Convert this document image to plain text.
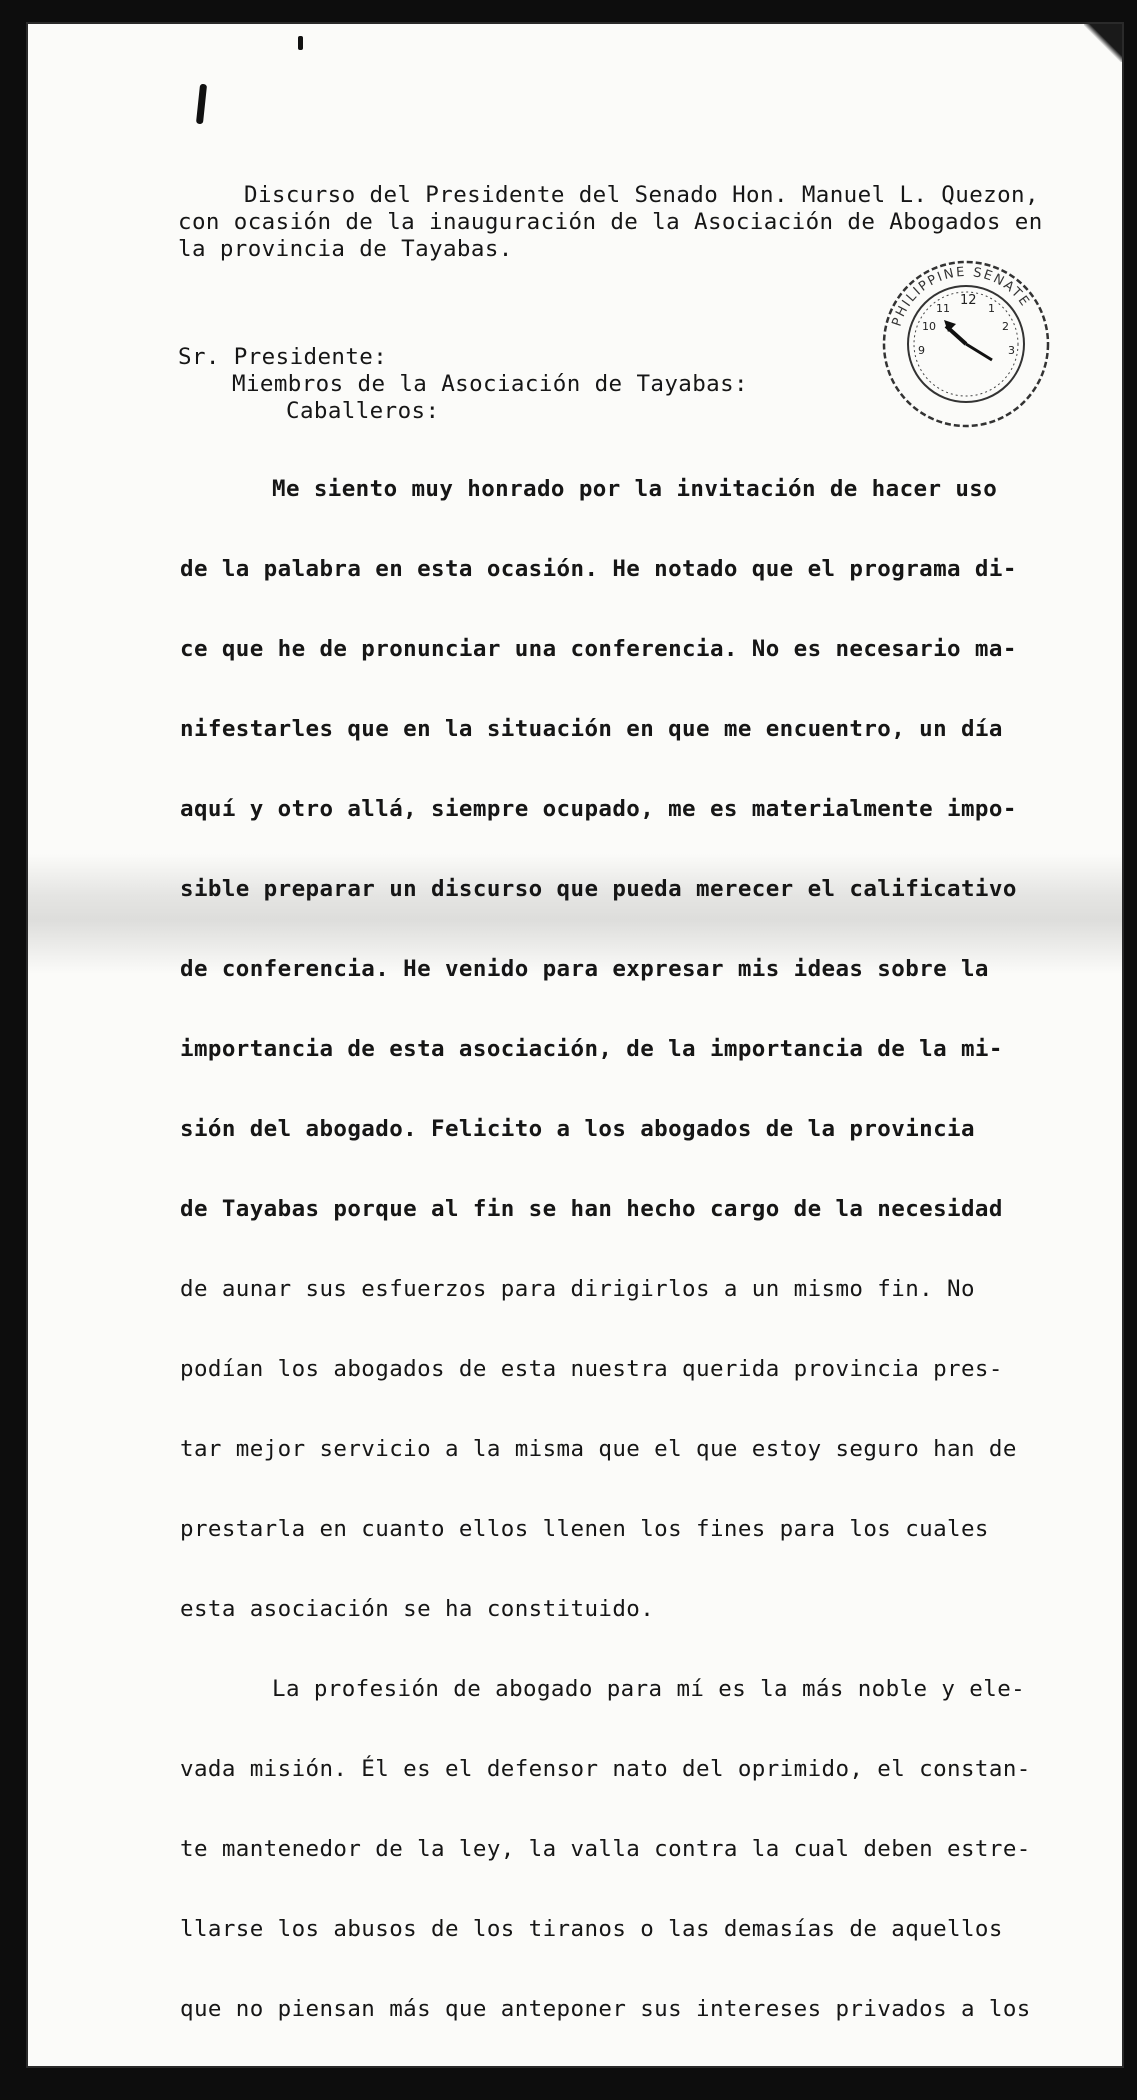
PHILIPPINE SENATE
12
1
2
3
9
10
11
Discurso del Presidente del Senado Hon. Manuel L. Quezon,
con ocasión de la inauguración de la Asociación de Abogados en
la provincia de Tayabas.
Sr. Presidente:
Miembros de la Asociación de Tayabas:
Caballeros:
Me siento muy honrado por la invitación de hacer uso
de la palabra en esta ocasión. He notado que el programa di-
ce que he de pronunciar una conferencia. No es necesario ma-
nifestarles que en la situación en que me encuentro, un día
aquí y otro allá, siempre ocupado, me es materialmente impo-
sible preparar un discurso que pueda merecer el calificativo
de conferencia. He venido para expresar mis ideas sobre la
importancia de esta asociación, de la importancia de la mi-
sión del abogado. Felicito a los abogados de la provincia
de Tayabas porque al fin se han hecho cargo de la necesidad
de aunar sus esfuerzos para dirigirlos a un mismo fin. No
podían los abogados de esta nuestra querida provincia pres-
tar mejor servicio a la misma que el que estoy seguro han de
prestarla en cuanto ellos llenen los fines para los cuales
esta asociación se ha constituido.
La profesión de abogado para mí es la más noble y ele-
vada misión. Él es el defensor nato del oprimido, el constan-
te mantenedor de la ley, la valla contra la cual deben estre-
llarse los abusos de los tiranos o las demasías de aquellos
que no piensan más que anteponer sus intereses privados a los
